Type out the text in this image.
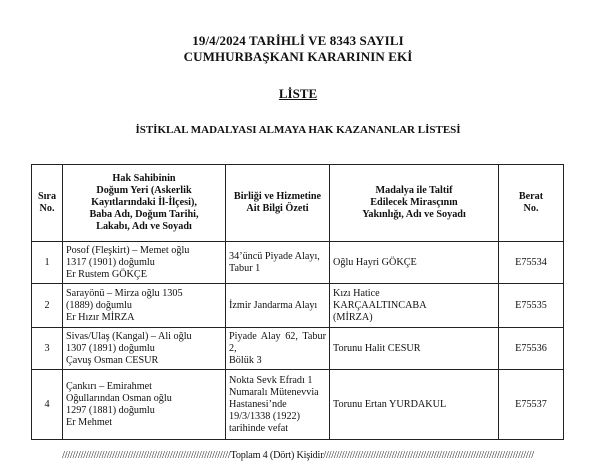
19/4/2024 TARİHLİ VE 8343 SAYILI
CUMHURBAŞKANI KARARININ EKİ
LİSTE
İSTİKLAL MADALYASI ALMAYA HAK KAZANANLAR LİSTESİ
Sıra
No.	Hak Sahibinin
Doğum Yeri (Askerlik
Kayıtlarındaki İl-İlçesi),
Baba Adı, Doğum Tarihi,
Lakabı, Adı ve Soyadı	Birliği ve Hizmetine
Ait Bilgi Özeti	Madalya ile Taltif
Edilecek Mirasçının
Yakınlığı, Adı ve Soyadı	Berat
No.

1	Posof (Fleşkirt) – Memet oğlu
1317 (1901) doğumlu
Er Rustem GÖKÇE	34’üncü Piyade Alayı,
Tabur 1	Oğlu Hayri GÖKÇE	E75534
2	Sarayönü – Mirza oğlu 1305
(1889) doğumlu
Er Hızır MİRZA	İzmir Jandarma Alayı	Kızı Hatice
KARÇAALTINCABA
(MİRZA)	E75535
3	Sivas/Ulaş (Kangal) – Ali oğlu
1307 (1891) doğumlu
Çavuş Osman CESUR	Piyade Alay 62, Tabur 2,
Bölük 3	Torunu Halit CESUR	E75536
4	Çankırı – Emirahmet
Oğullarından Osman oğlu
1297 (1881) doğumlu
Er Mehmet	Nokta Sevk Efradı 1
Numaralı Mütenevvia
Hastanesi’nde
19/3/1338 (1922)
tarihinde vefat	Torunu Ertan YURDAKUL	E75537
////////////////////////////////////////////////////////////////Toplam 4 (Dört) Kişidir////////////////////////////////////////////////////////////////////////////////
